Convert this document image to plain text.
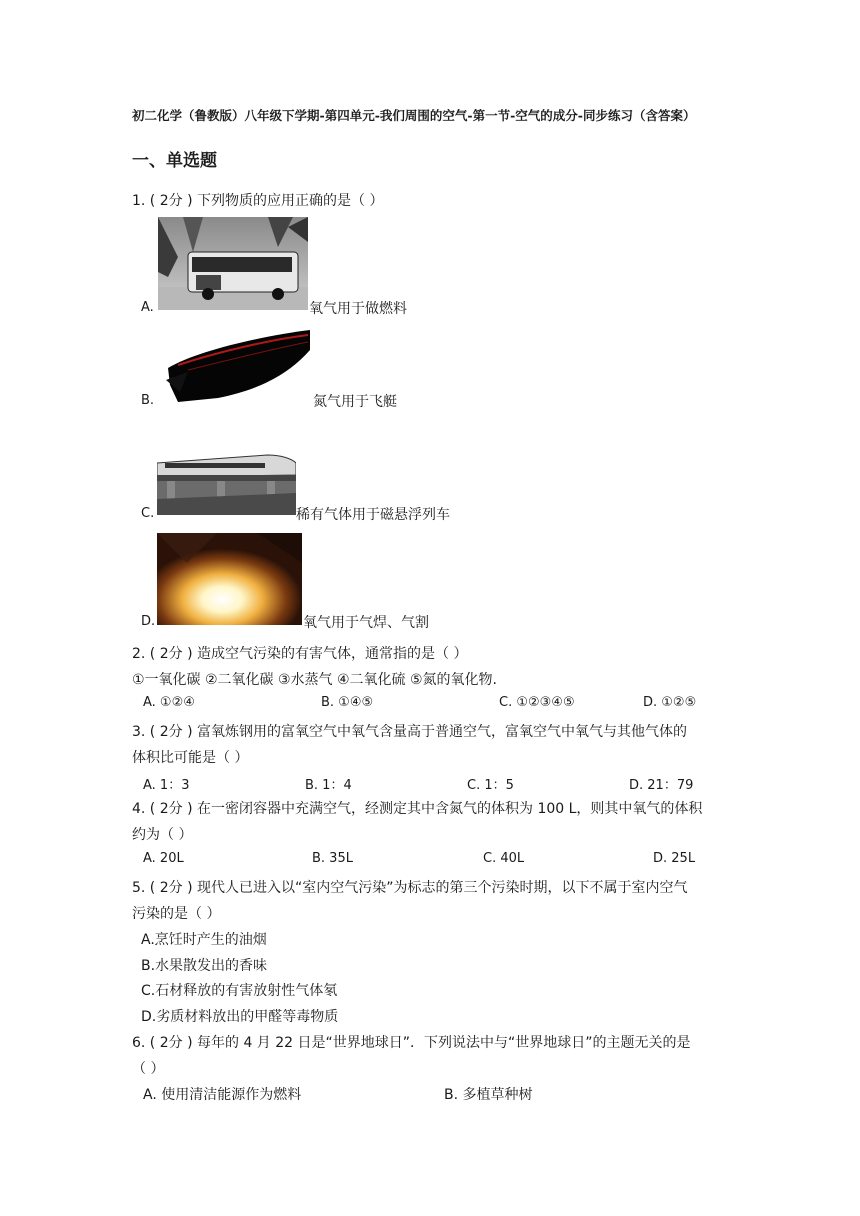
初二化学（鲁教版）八年级下学期-第四单元-我们周围的空气-第一节-空气的成分-同步练习（含答案）
一、单选题
1. ( 2分 ) 下列物质的应用正确的是（ ）
A.	氧气用于做燃料
B.	氮气用于飞艇
C.	稀有气体用于磁悬浮列车
D.	氧气用于气焊、气割
2. ( 2分 ) 造成空气污染的有害气体，通常指的是（ ）
①一氧化碳 ②二氧化碳 ③水蒸气 ④二氧化硫 ⑤氮的氧化物.
A. ①②④	B. ①④⑤	C. ①②③④⑤	D. ①②⑤
3. ( 2分 ) 富氧炼钢用的富氧空气中氧气含量高于普通空气，富氧空气中氧气与其他气体的
体积比可能是（ ）
A. 1：3	B. 1：4	C. 1：5	D. 21：79
4. ( 2分 ) 在一密闭容器中充满空气，经测定其中含氮气的体积为 100 L，则其中氧气的体积
约为（ ）
A. 20L	B. 35L	C. 40L	D. 25L
5. ( 2分 ) 现代人已进入以“室内空气污染”为标志的第三个污染时期，以下不属于室内空气
污染的是（ ）
A.烹饪时产生的油烟
B.水果散发出的香味
C.石材释放的有害放射性气体氡
D.劣质材料放出的甲醛等毒物质
6. ( 2分 ) 每年的 4 月 22 日是“世界地球日”．下列说法中与“世界地球日”的主题无关的是
（ ）
A. 使用清洁能源作为燃料	B. 多植草种树
